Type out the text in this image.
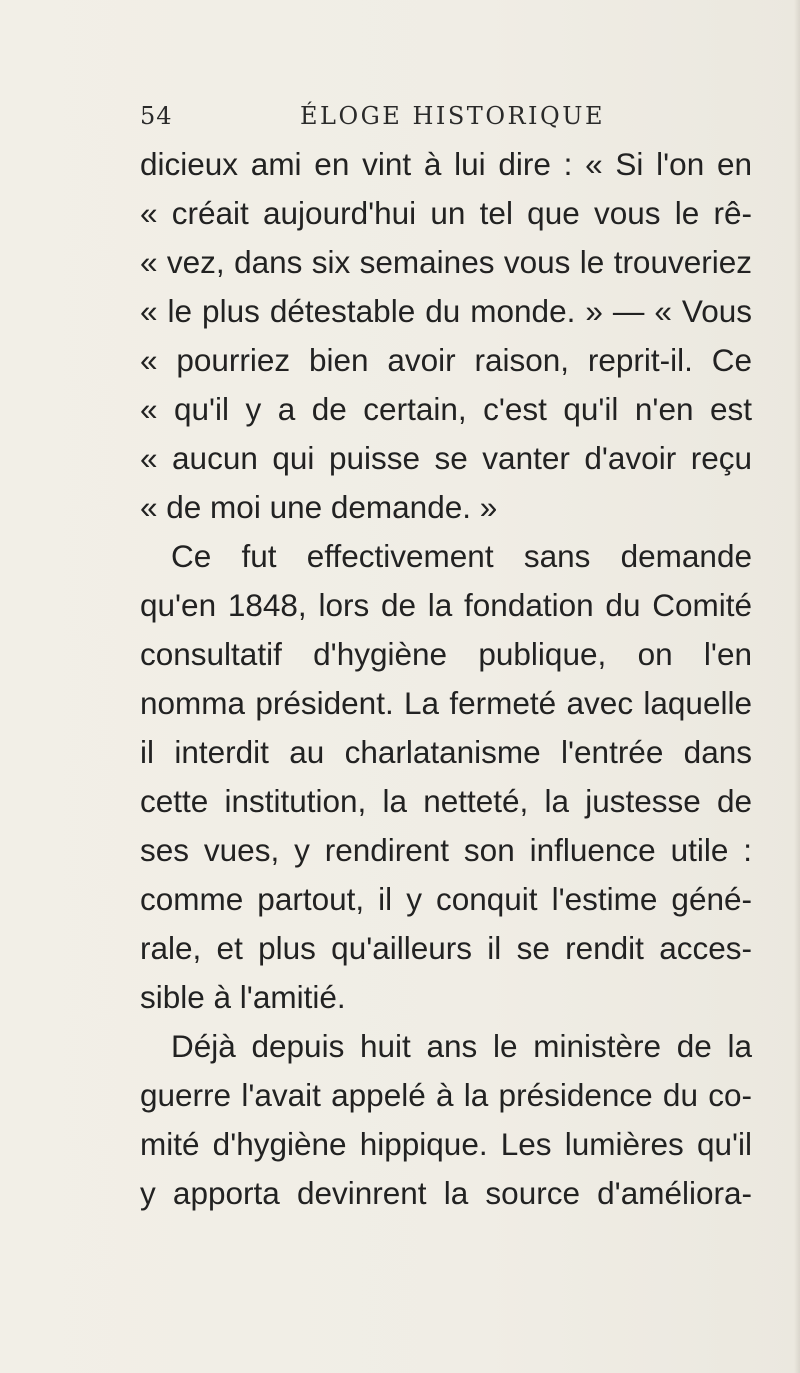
54	ÉLOGE HISTORIQUE
dicieux ami en vint à lui dire : « Si l'on en
« créait aujourd'hui un tel que vous le rê-
« vez, dans six semaines vous le trouveriez
« le plus détestable du monde. » — « Vous
« pourriez bien avoir raison, reprit-il. Ce
« qu'il y a de certain, c'est qu'il n'en est
« aucun qui puisse se vanter d'avoir reçu
« de moi une demande. »
Ce fut effectivement sans demande
qu'en 1848, lors de la fondation du Comité
consultatif d'hygiène publique, on l'en
nomma président. La fermeté avec laquelle
il interdit au charlatanisme l'entrée dans
cette institution, la netteté, la justesse de
ses vues, y rendirent son influence utile :
comme partout, il y conquit l'estime géné-
rale, et plus qu'ailleurs il se rendit acces-
sible à l'amitié.
Déjà depuis huit ans le ministère de la
guerre l'avait appelé à la présidence du co-
mité d'hygiène hippique. Les lumières qu'il
y apporta devinrent la source d'améliora-
